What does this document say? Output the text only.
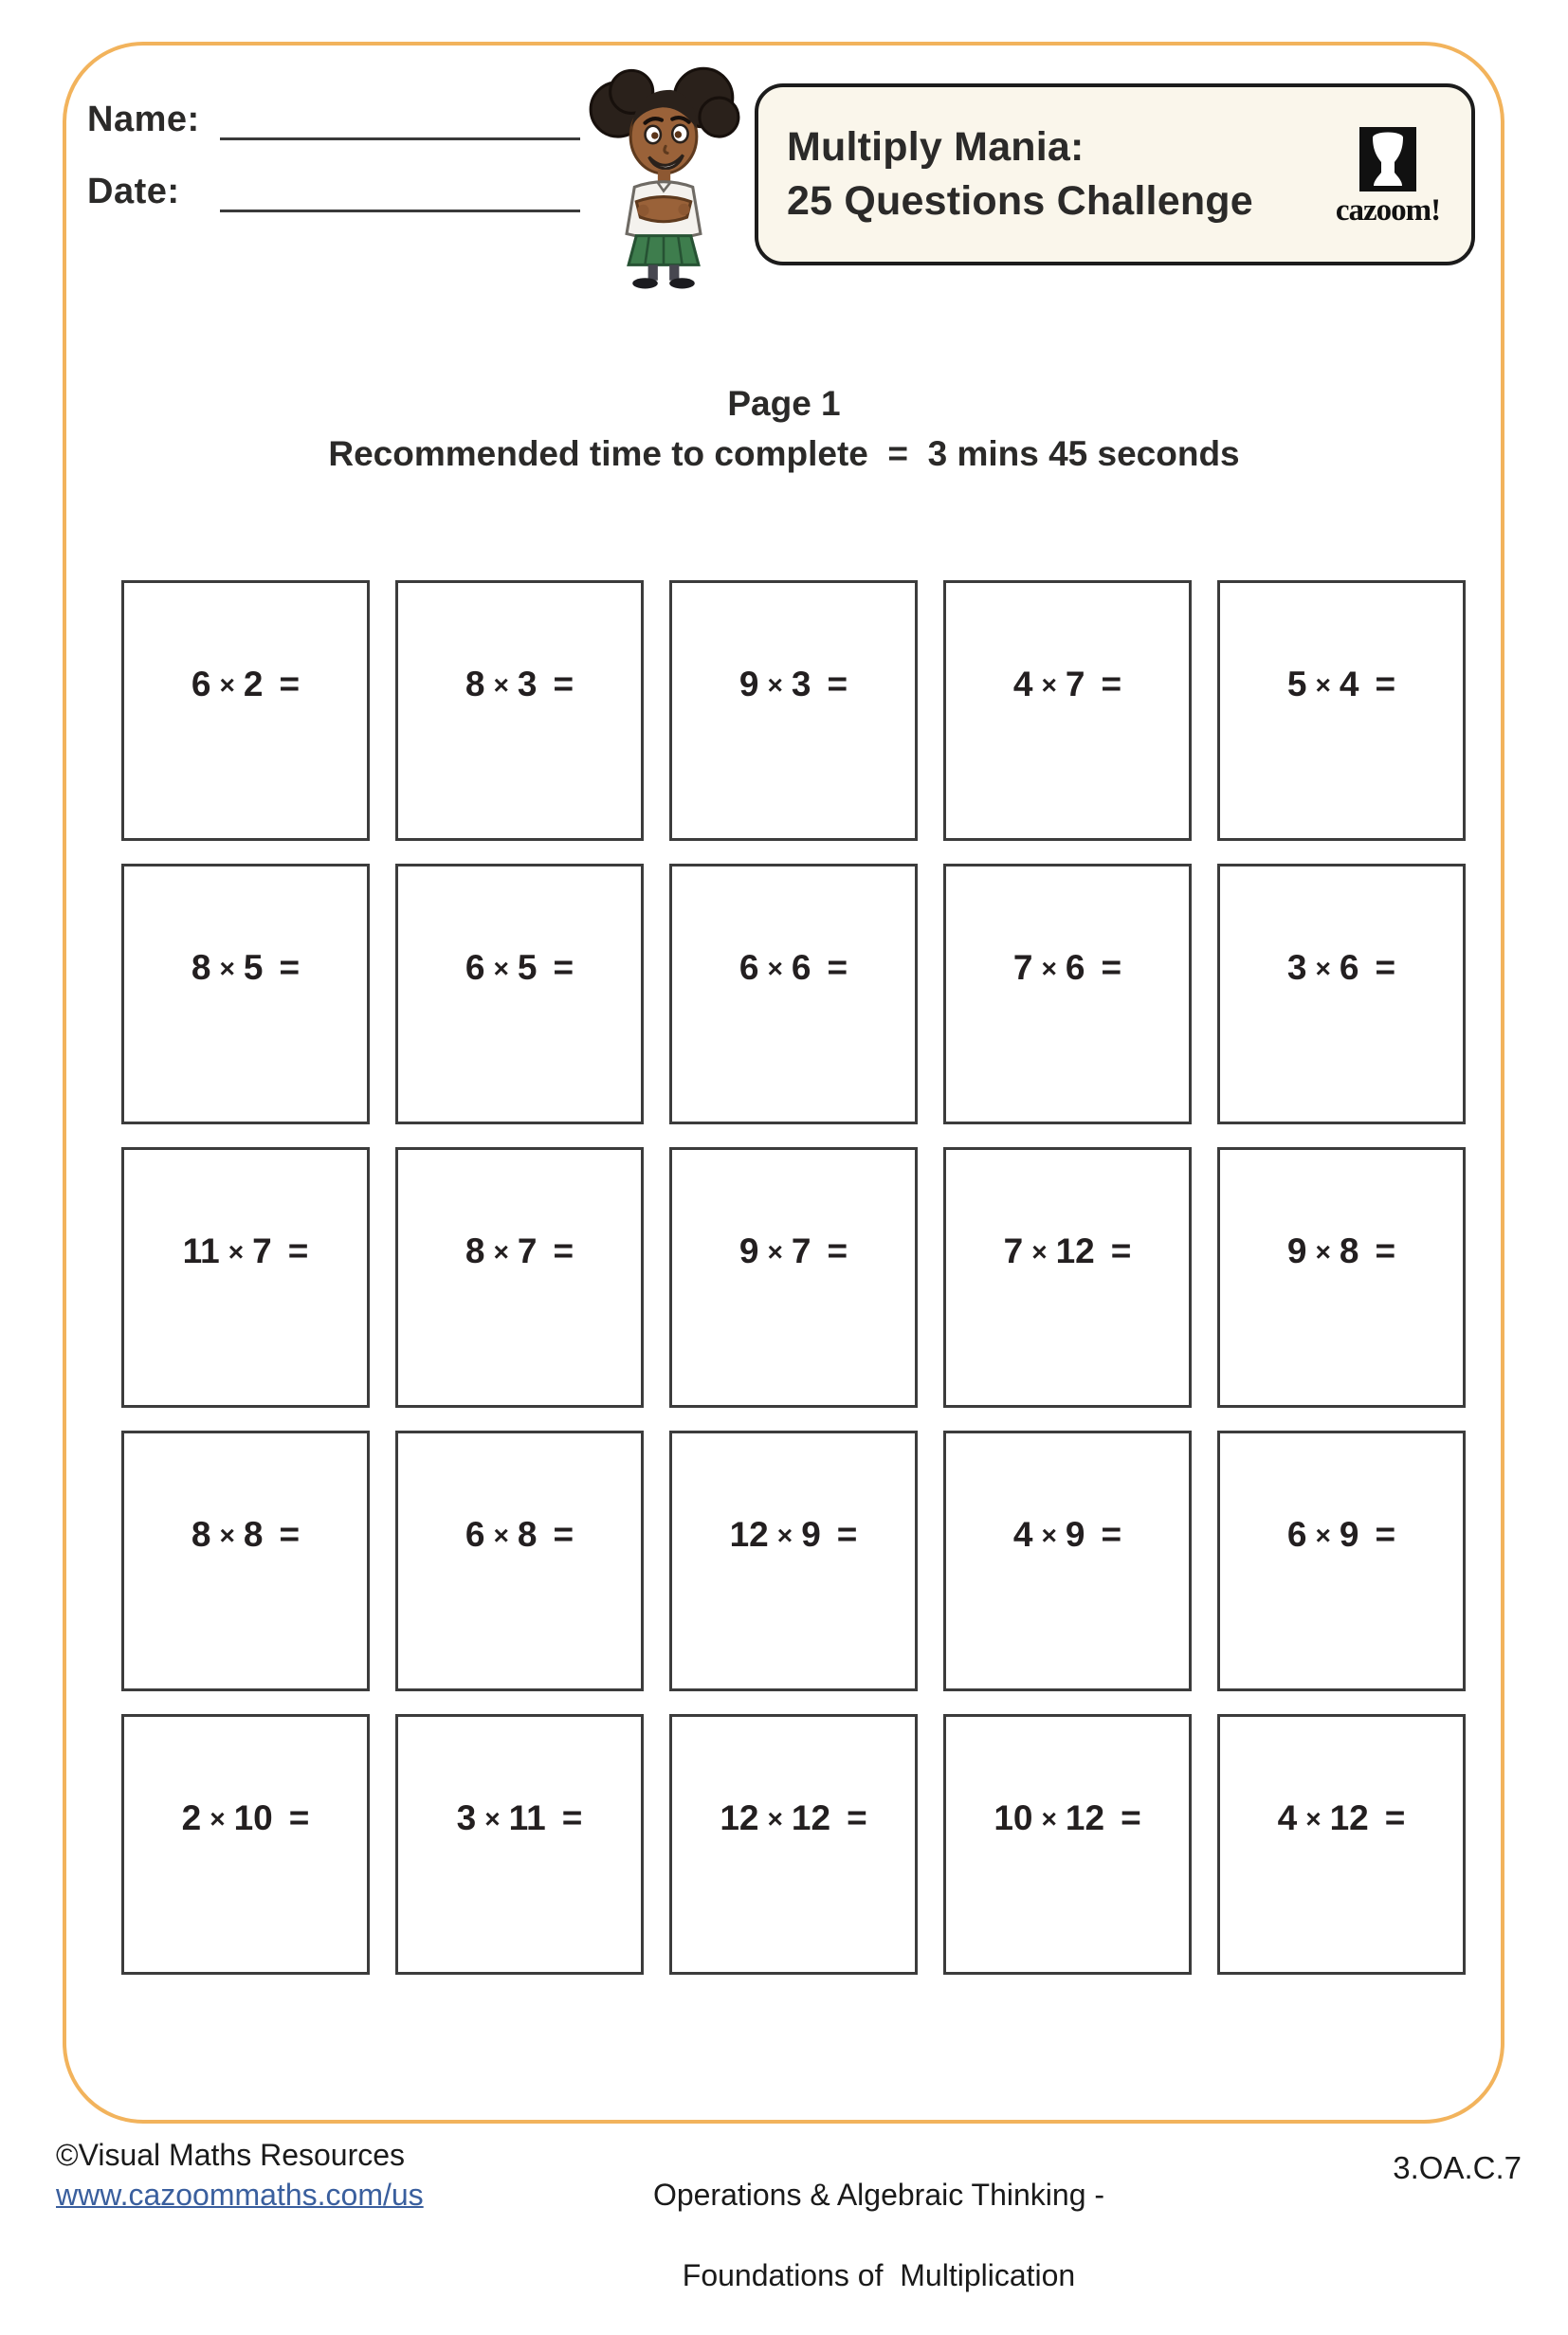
Name:
Date:
Multiply Mania:
25 Questions Challenge	cazoom!
Page 1
Recommended time to complete  =  3 mins 45 seconds
6 × 2 =	8 × 3 =	9 × 3 =	4 × 7 =	5 × 4 =
8 × 5 =	6 × 5 =	6 × 6 =	7 × 6 =	3 × 6 =
11 × 7 =	8 × 7 =	9 × 7 =	7 × 12 =	9 × 8 =
8 × 8 =	6 × 8 =	12 × 9 =	4 × 9 =	6 × 9 =
2 × 10 =	3 × 11 =	12 × 12 =	10 × 12 =	4 × 12 =
©Visual Maths Resources
www.cazoommaths.com/us	Operations & Algebraic Thinking -

Foundations of  Multiplication

3.OA.C.7
